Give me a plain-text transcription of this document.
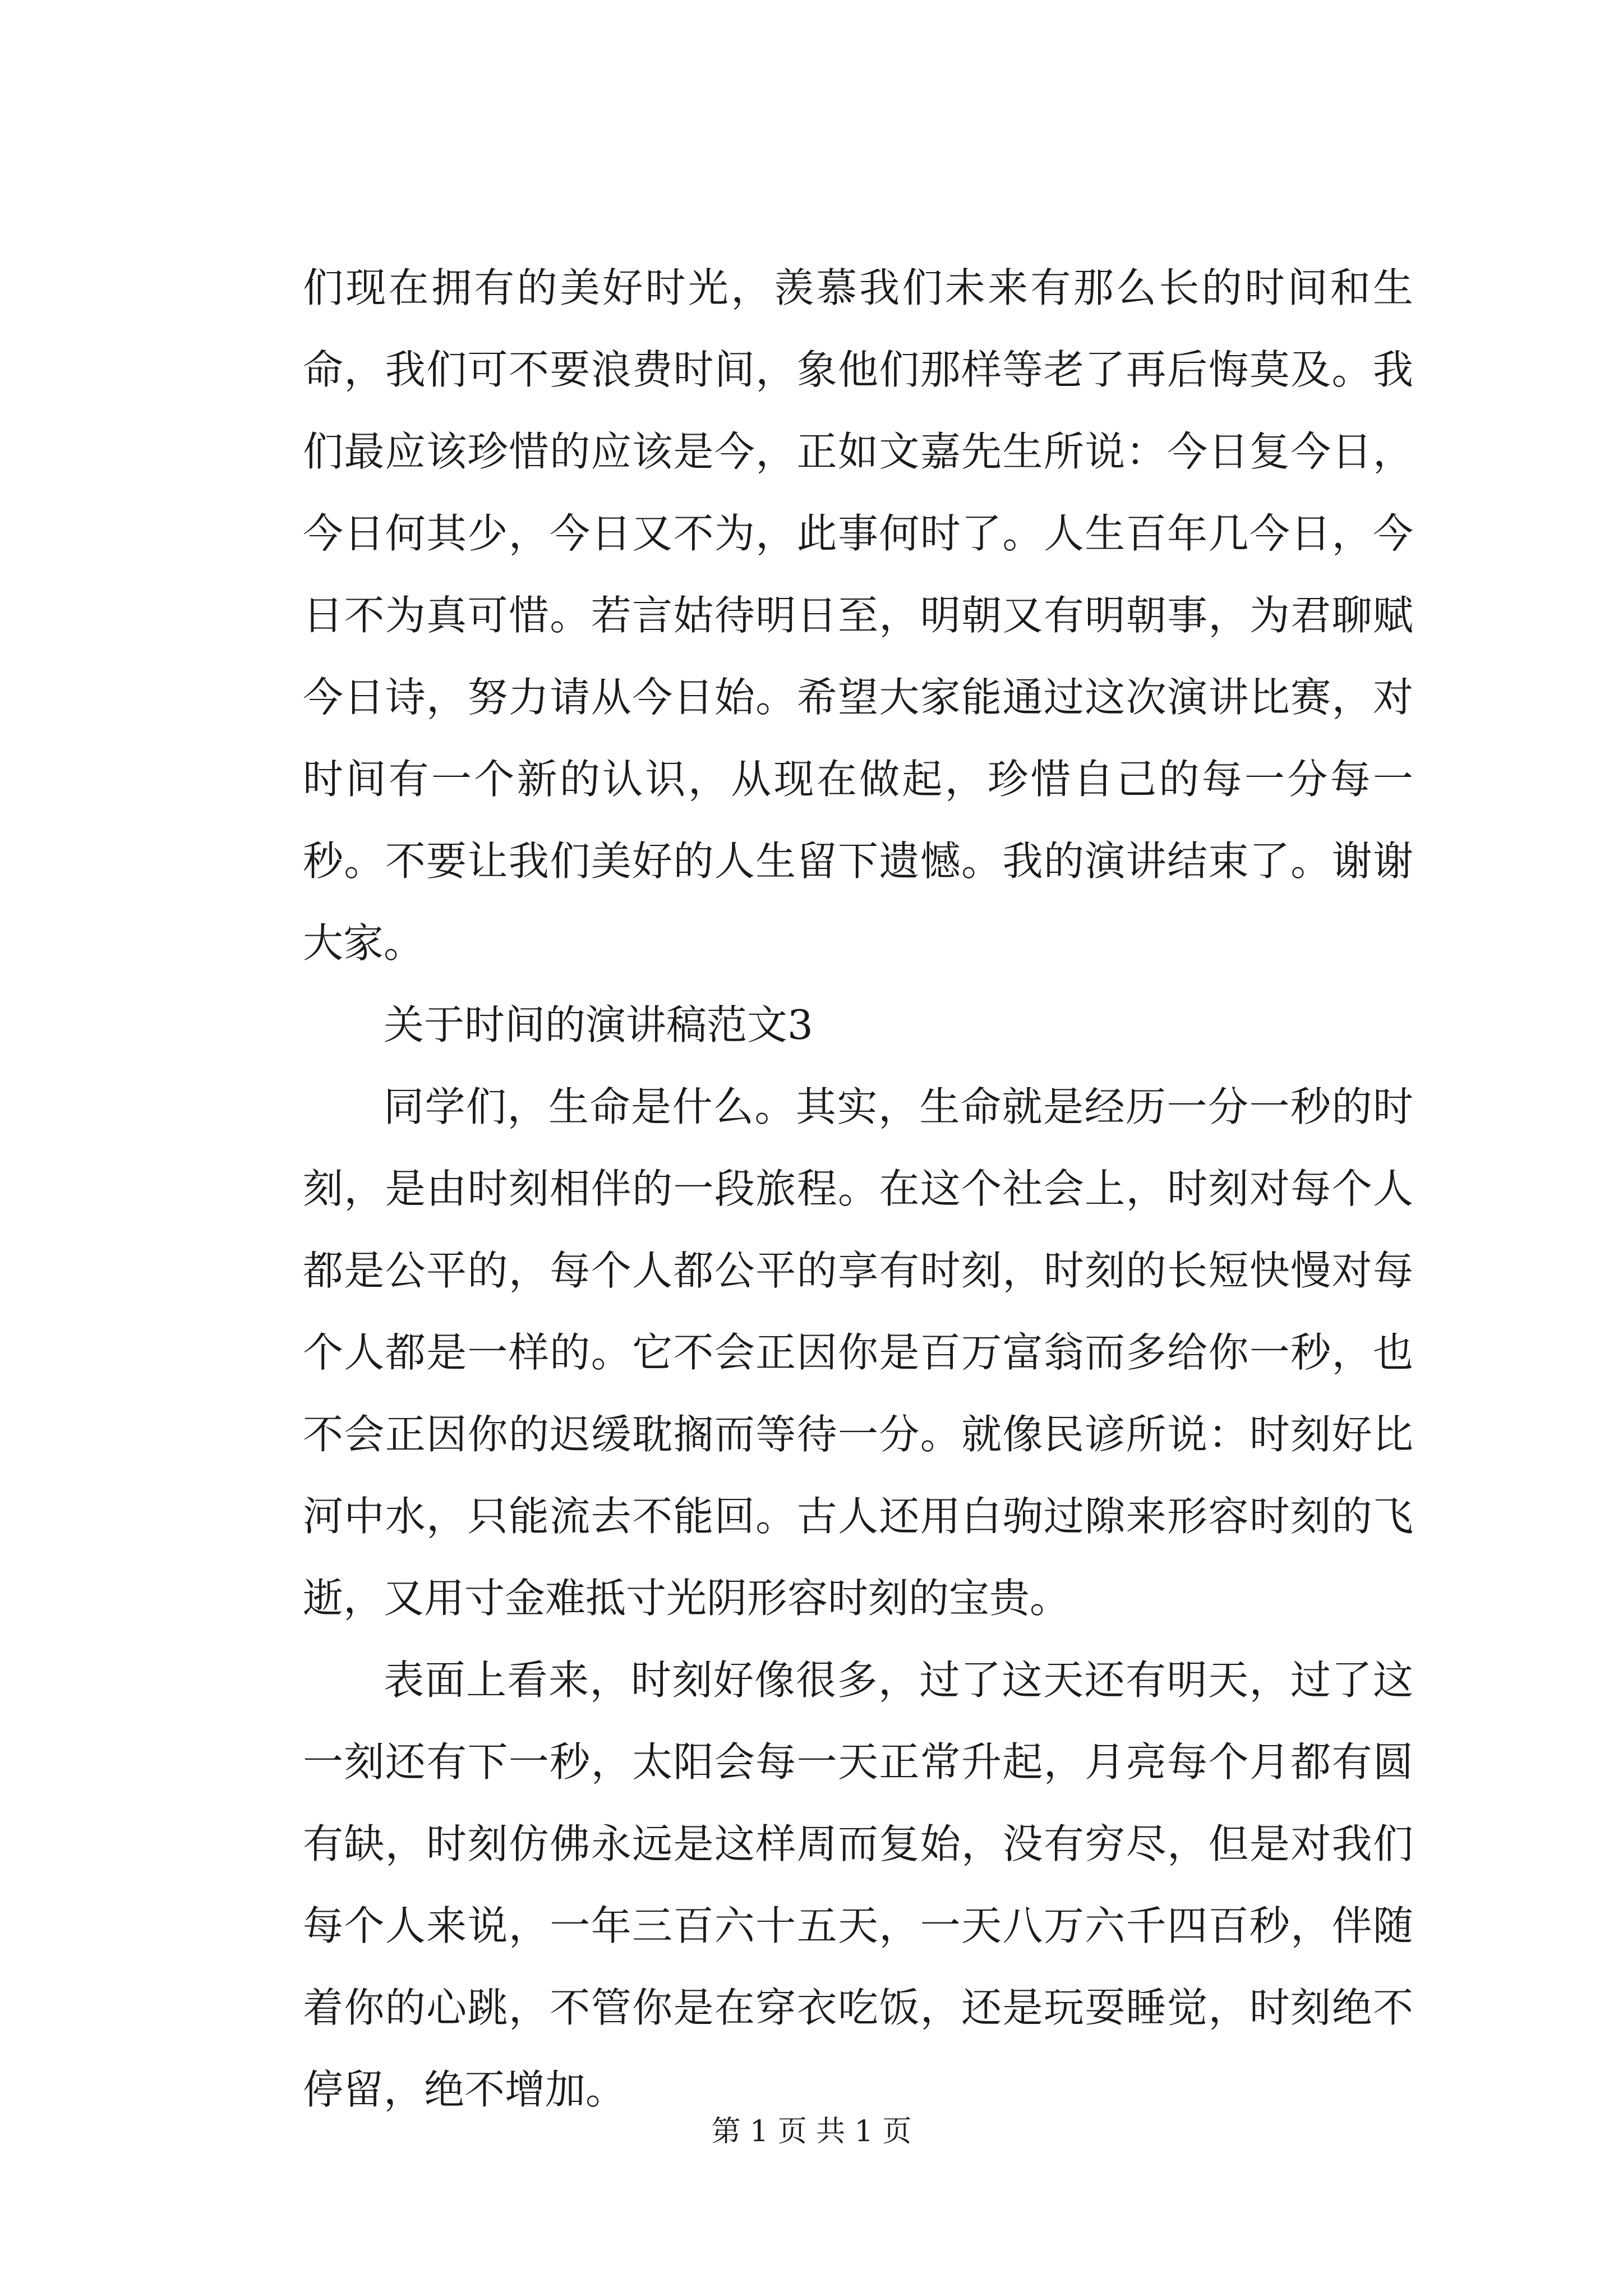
们现在拥有的美好时光，羡慕我们未来有那么长的时间和生命，我们可不要浪费时间，象他们那样等老了再后悔莫及。我们最应该珍惜的应该是今，正如文嘉先生所说：今日复今日，今日何其少，今日又不为，此事何时了。人生百年几今日，今日不为真可惜。若言姑待明日至，明朝又有明朝事，为君聊赋今日诗，努力请从今日始。希望大家能通过这次演讲比赛，对时间有一个新的认识，从现在做起，珍惜自己的每一分每一秒。不要让我们美好的人生留下遗憾。我的演讲结束了。谢谢大家。

关于时间的演讲稿范文3

同学们，生命是什么。其实，生命就是经历一分一秒的时刻，是由时刻相伴的一段旅程。在这个社会上，时刻对每个人都是公平的，每个人都公平的享有时刻，时刻的长短快慢对每个人都是一样的。它不会正因你是百万富翁而多给你一秒，也不会正因你的迟缓耽搁而等待一分。就像民谚所说：时刻好比河中水，只能流去不能回。古人还用白驹过隙来形容时刻的飞逝，又用寸金难抵寸光阴形容时刻的宝贵。

表面上看来，时刻好像很多，过了这天还有明天，过了这一刻还有下一秒，太阳会每一天正常升起，月亮每个月都有圆有缺，时刻仿佛永远是这样周而复始，没有穷尽，但是对我们每个人来说，一年三百六十五天，一天八万六千四百秒，伴随着你的心跳，不管你是在穿衣吃饭，还是玩耍睡觉，时刻绝不停留，绝不增加。

第 1 页 共 1 页
